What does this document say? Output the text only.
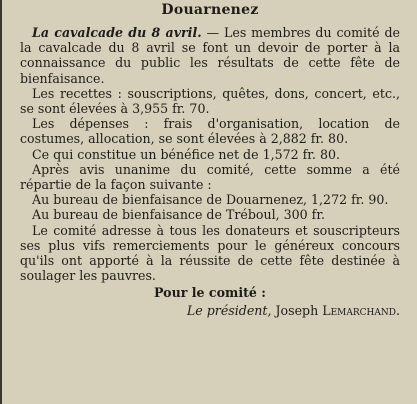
Douarnenez

La cavalcade du 8 avril. — Les membres du comité de la cavalcade du 8 avril se font un devoir de porter à la connaissance du public les résultats de cette fête de bienfaisance.

Les recettes : souscriptions, quêtes, dons, concert, etc., se sont élevées à 3,955 fr. 70.

Les dépenses : frais d'organisation, location de costumes, allocation, se sont élevées à 2,882 fr. 80.

Ce qui constitue un bénéfice net de 1,572 fr. 80.

Après avis unanime du comité, cette somme a été répartie de la façon suivante :

Au bureau de bienfaisance de Douarnenez, 1,272 fr. 90.

Au bureau de bienfaisance de Tréboul, 300 fr.

Le comité adresse à tous les donateurs et souscripteurs ses plus vifs remerciements pour le généreux concours qu'ils ont apporté à la réussite de cette fête destinée à soulager les pauvres.

Pour le comité :

Le président, Joseph Lemarchand.
